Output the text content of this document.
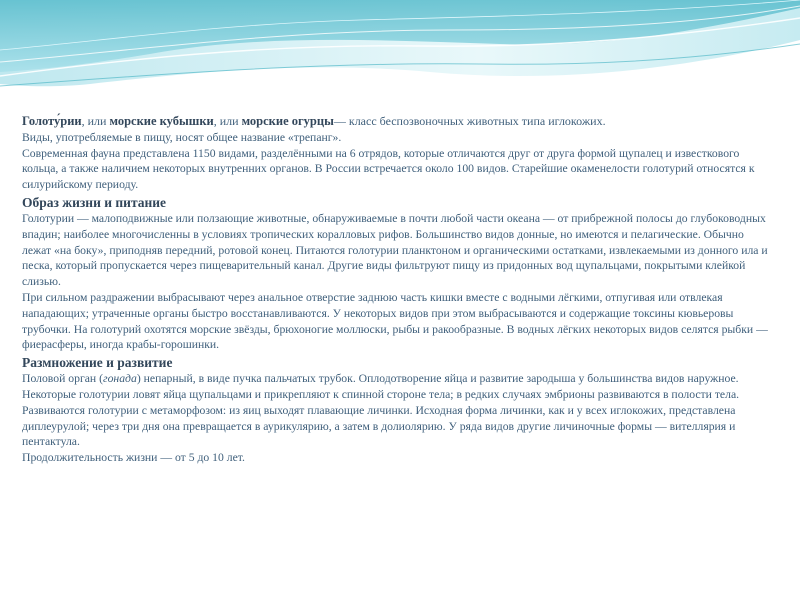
Голоту́рии, или морские кубышки, или морские огурцы— класс беспозвоночных животных типа иглокожих.

Виды, употребляемые в пищу, носят общее название «трепанг».

Современная фауна представлена 1150 видами, разделёнными на 6 отрядов, которые отличаются друг от друга формой щупалец и известкового кольца, а также наличием некоторых внутренних органов. В России встречается около 100 видов. Старейшие окаменелости голотурий относятся к силурийскому периоду.

Образ жизни и питание

Голотурии — малоподвижные или ползающие животные, обнаруживаемые в почти любой части океана — от прибрежной полосы до глубоководных впадин; наиболее многочисленны в условиях тропических коралловых рифов. Большинство видов донные, но имеются и пелагические. Обычно лежат «на боку», приподняв передний, ротовой конец. Питаются голотурии планктоном и органическими остатками, извлекаемыми из донного ила и песка, который пропускается через пищеварительный канал. Другие виды фильтруют пищу из придонных вод щупальцами, покрытыми клейкой слизью.

При сильном раздражении выбрасывают через анальное отверстие заднюю часть кишки вместе с водными лёгкими, отпугивая или отвлекая нападающих; утраченные органы быстро восстанавливаются. У некоторых видов при этом выбрасываются и содержащие токсины кювьеровы трубочки. На голотурий охотятся морские звёзды, брюхоногие моллюски, рыбы и ракообразные. В водных лёгких некоторых видов селятся рыбки — фиерасферы, иногда крабы-горошинки.

Размножение и развитие

Половой орган (гонада) непарный, в виде пучка пальчатых трубок. Оплодотворение яйца и развитие зародыша у большинства видов наружное. Некоторые голотурии ловят яйца щупальцами и прикрепляют к спинной стороне тела; в редких случаях эмбрионы развиваются в полости тела.

Развиваются голотурии с метаморфозом: из яиц выходят плавающие личинки. Исходная форма личинки, как и у всех иглокожих, представлена диплеурулой; через три дня она превращается в аурикулярию, а затем в долиолярию. У ряда видов другие личиночные формы — вителлярия и пентактула.

Продолжительность жизни — от 5 до 10 лет.
